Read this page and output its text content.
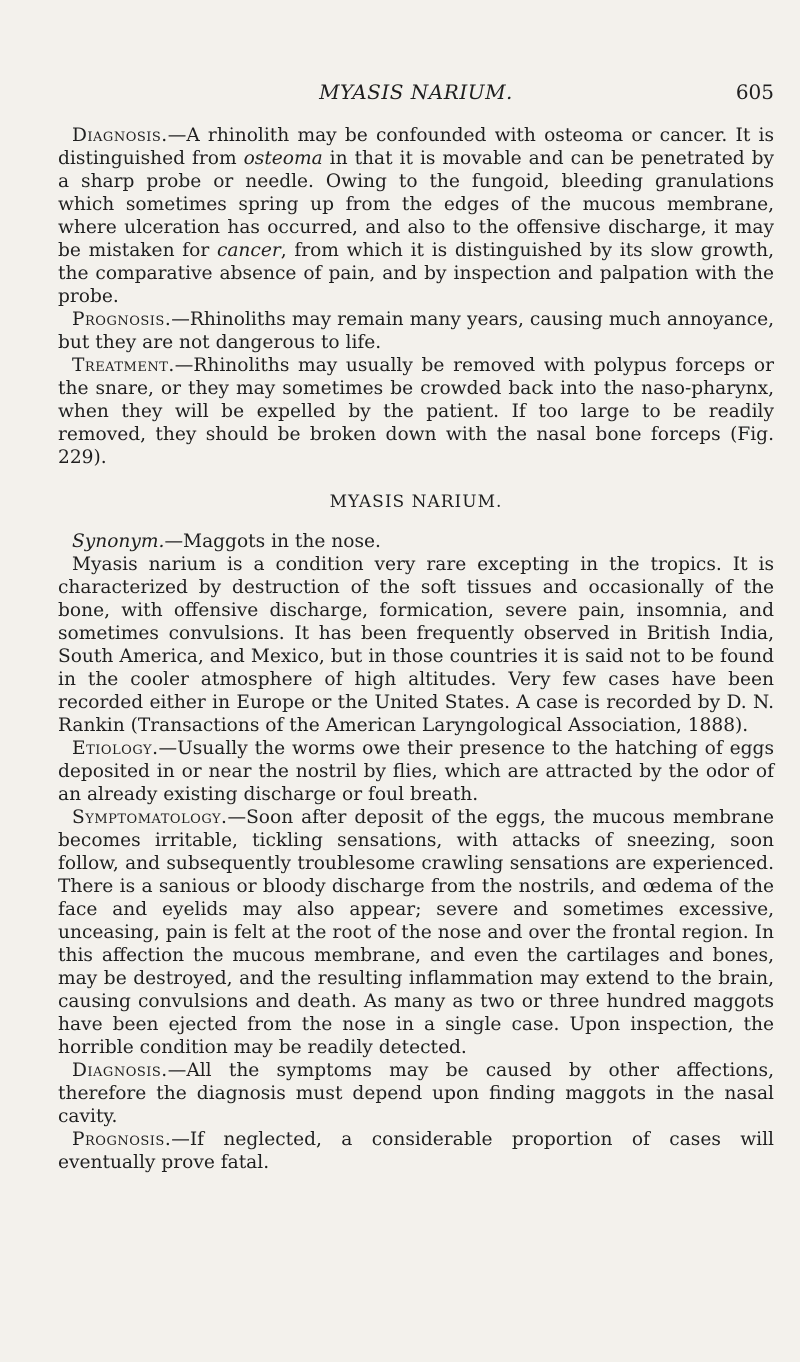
MYASIS NARIUM.	605

Diagnosis.—A rhinolith may be confounded with osteoma or cancer. It is distinguished from osteoma in that it is movable and can be penetrated by a sharp probe or needle. Owing to the fungoid, bleeding granulations which sometimes spring up from the edges of the mucous membrane, where ulceration has occurred, and also to the offensive discharge, it may be mistaken for cancer, from which it is distinguished by its slow growth, the comparative absence of pain, and by inspection and palpation with the probe.

Prognosis.—Rhinoliths may remain many years, causing much annoyance, but they are not dangerous to life.

Treatment.—Rhinoliths may usually be removed with polypus forceps or the snare, or they may sometimes be crowded back into the naso-pharynx, when they will be expelled by the patient. If too large to be readily removed, they should be broken down with the nasal bone forceps (Fig. 229).

MYASIS NARIUM.

Synonym.—Maggots in the nose.

Myasis narium is a condition very rare excepting in the tropics. It is characterized by destruction of the soft tissues and occasionally of the bone, with offensive discharge, formication, severe pain, insomnia, and sometimes convulsions. It has been frequently observed in British India, South America, and Mexico, but in those countries it is said not to be found in the cooler atmosphere of high altitudes. Very few cases have been recorded either in Europe or the United States. A case is recorded by D. N. Rankin (Transactions of the American Laryngological Association, 1888).

Etiology.—Usually the worms owe their presence to the hatching of eggs deposited in or near the nostril by flies, which are attracted by the odor of an already existing discharge or foul breath.

Symptomatology.—Soon after deposit of the eggs, the mucous membrane becomes irritable, tickling sensations, with attacks of sneezing, soon follow, and subsequently troublesome crawling sensations are experienced. There is a sanious or bloody discharge from the nostrils, and œdema of the face and eyelids may also appear; severe and sometimes excessive, unceasing, pain is felt at the root of the nose and over the frontal region. In this affection the mucous membrane, and even the cartilages and bones, may be destroyed, and the resulting inflammation may extend to the brain, causing convulsions and death. As many as two or three hundred maggots have been ejected from the nose in a single case. Upon inspection, the horrible condition may be readily detected.

Diagnosis.—All the symptoms may be caused by other affections, therefore the diagnosis must depend upon finding maggots in the nasal cavity.

Prognosis.—If neglected, a considerable proportion of cases will eventually prove fatal.
